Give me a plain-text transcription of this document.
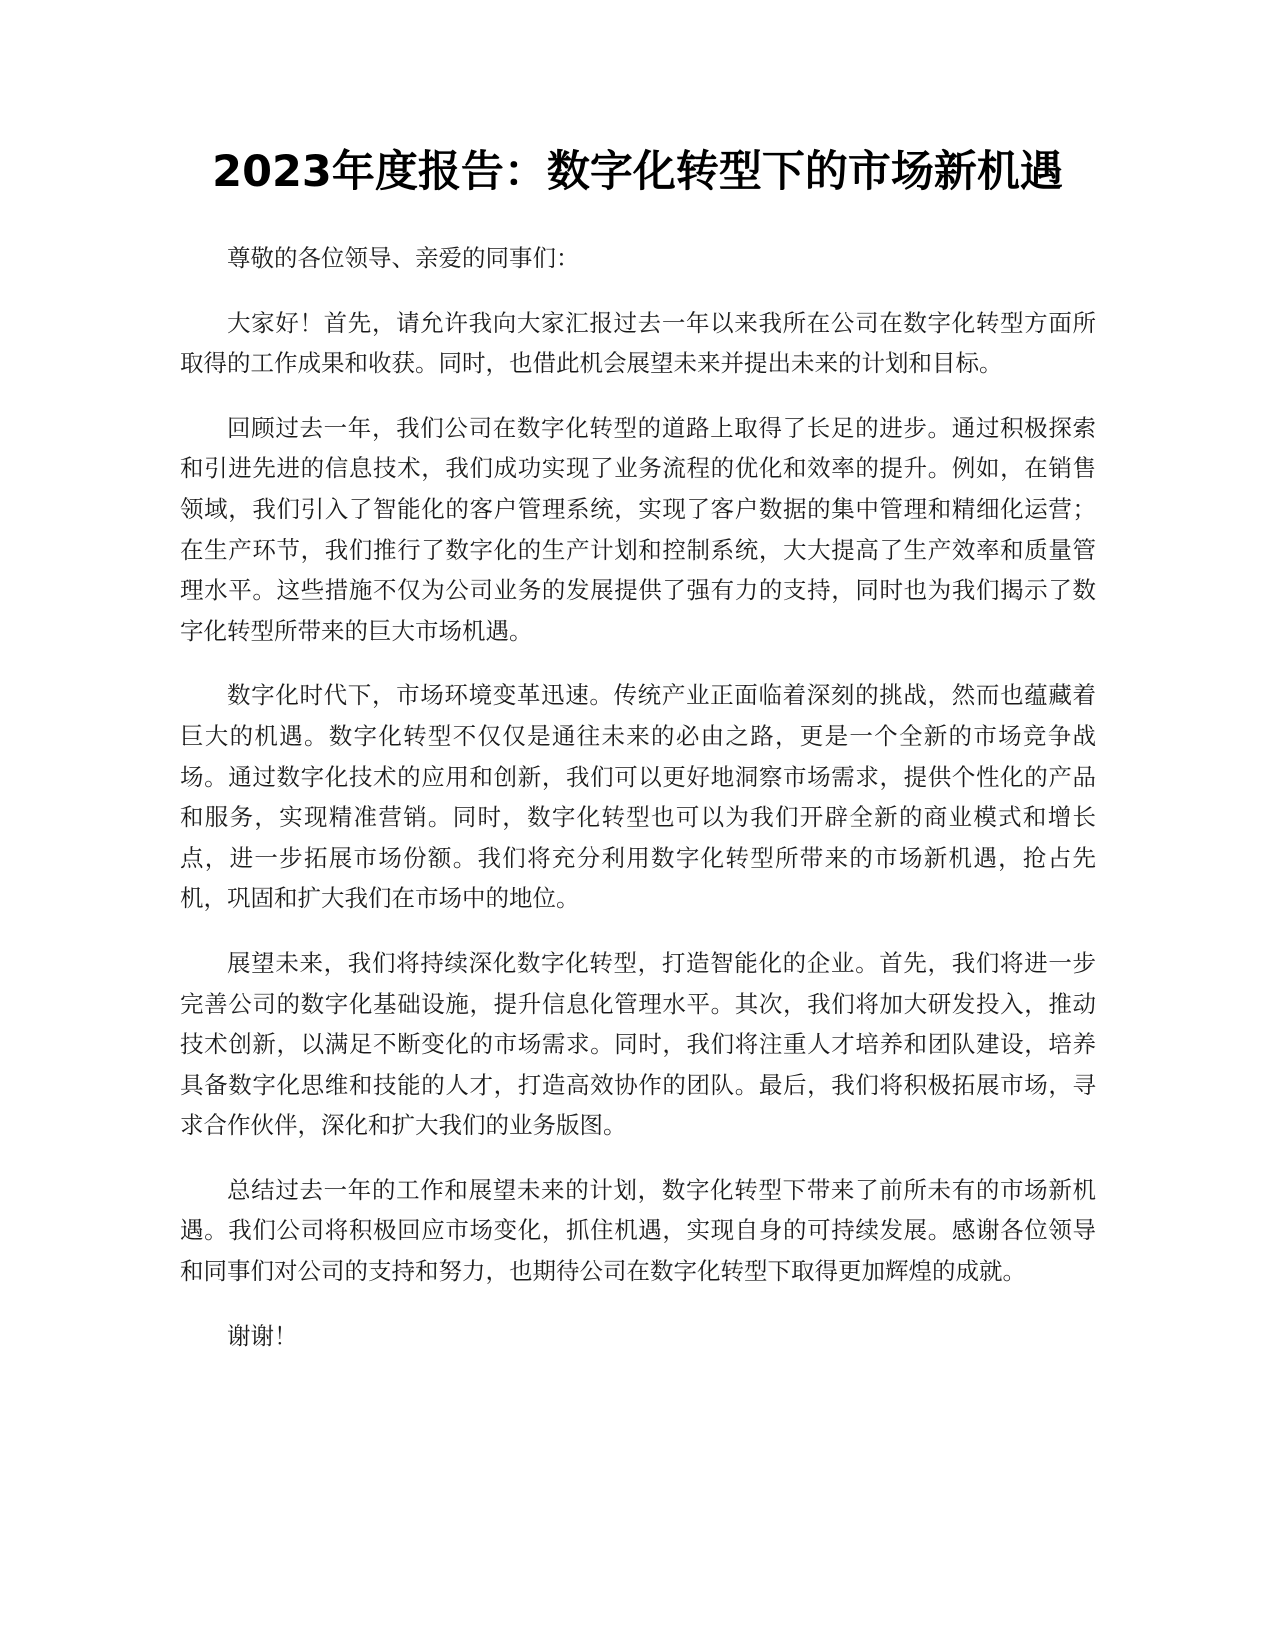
2023年度报告：数字化转型下的市场新机遇

尊敬的各位领导、亲爱的同事们：

大家好！首先，请允许我向大家汇报过去一年以来我所在公司在数字化转型方面所取得的工作成果和收获。同时，也借此机会展望未来并提出未来的计划和目标。

回顾过去一年，我们公司在数字化转型的道路上取得了长足的进步。通过积极探索和引进先进的信息技术，我们成功实现了业务流程的优化和效率的提升。例如，在销售领域，我们引入了智能化的客户管理系统，实现了客户数据的集中管理和精细化运营；在生产环节，我们推行了数字化的生产计划和控制系统，大大提高了生产效率和质量管理水平。这些措施不仅为公司业务的发展提供了强有力的支持，同时也为我们揭示了数字化转型所带来的巨大市场机遇。

数字化时代下，市场环境变革迅速。传统产业正面临着深刻的挑战，然而也蕴藏着巨大的机遇。数字化转型不仅仅是通往未来的必由之路，更是一个全新的市场竞争战场。通过数字化技术的应用和创新，我们可以更好地洞察市场需求，提供个性化的产品和服务，实现精准营销。同时，数字化转型也可以为我们开辟全新的商业模式和增长点，进一步拓展市场份额。我们将充分利用数字化转型所带来的市场新机遇，抢占先机，巩固和扩大我们在市场中的地位。

展望未来，我们将持续深化数字化转型，打造智能化的企业。首先，我们将进一步完善公司的数字化基础设施，提升信息化管理水平。其次，我们将加大研发投入，推动技术创新，以满足不断变化的市场需求。同时，我们将注重人才培养和团队建设，培养具备数字化思维和技能的人才，打造高效协作的团队。最后，我们将积极拓展市场，寻求合作伙伴，深化和扩大我们的业务版图。

总结过去一年的工作和展望未来的计划，数字化转型下带来了前所未有的市场新机遇。我们公司将积极回应市场变化，抓住机遇，实现自身的可持续发展。感谢各位领导和同事们对公司的支持和努力，也期待公司在数字化转型下取得更加辉煌的成就。

谢谢！
